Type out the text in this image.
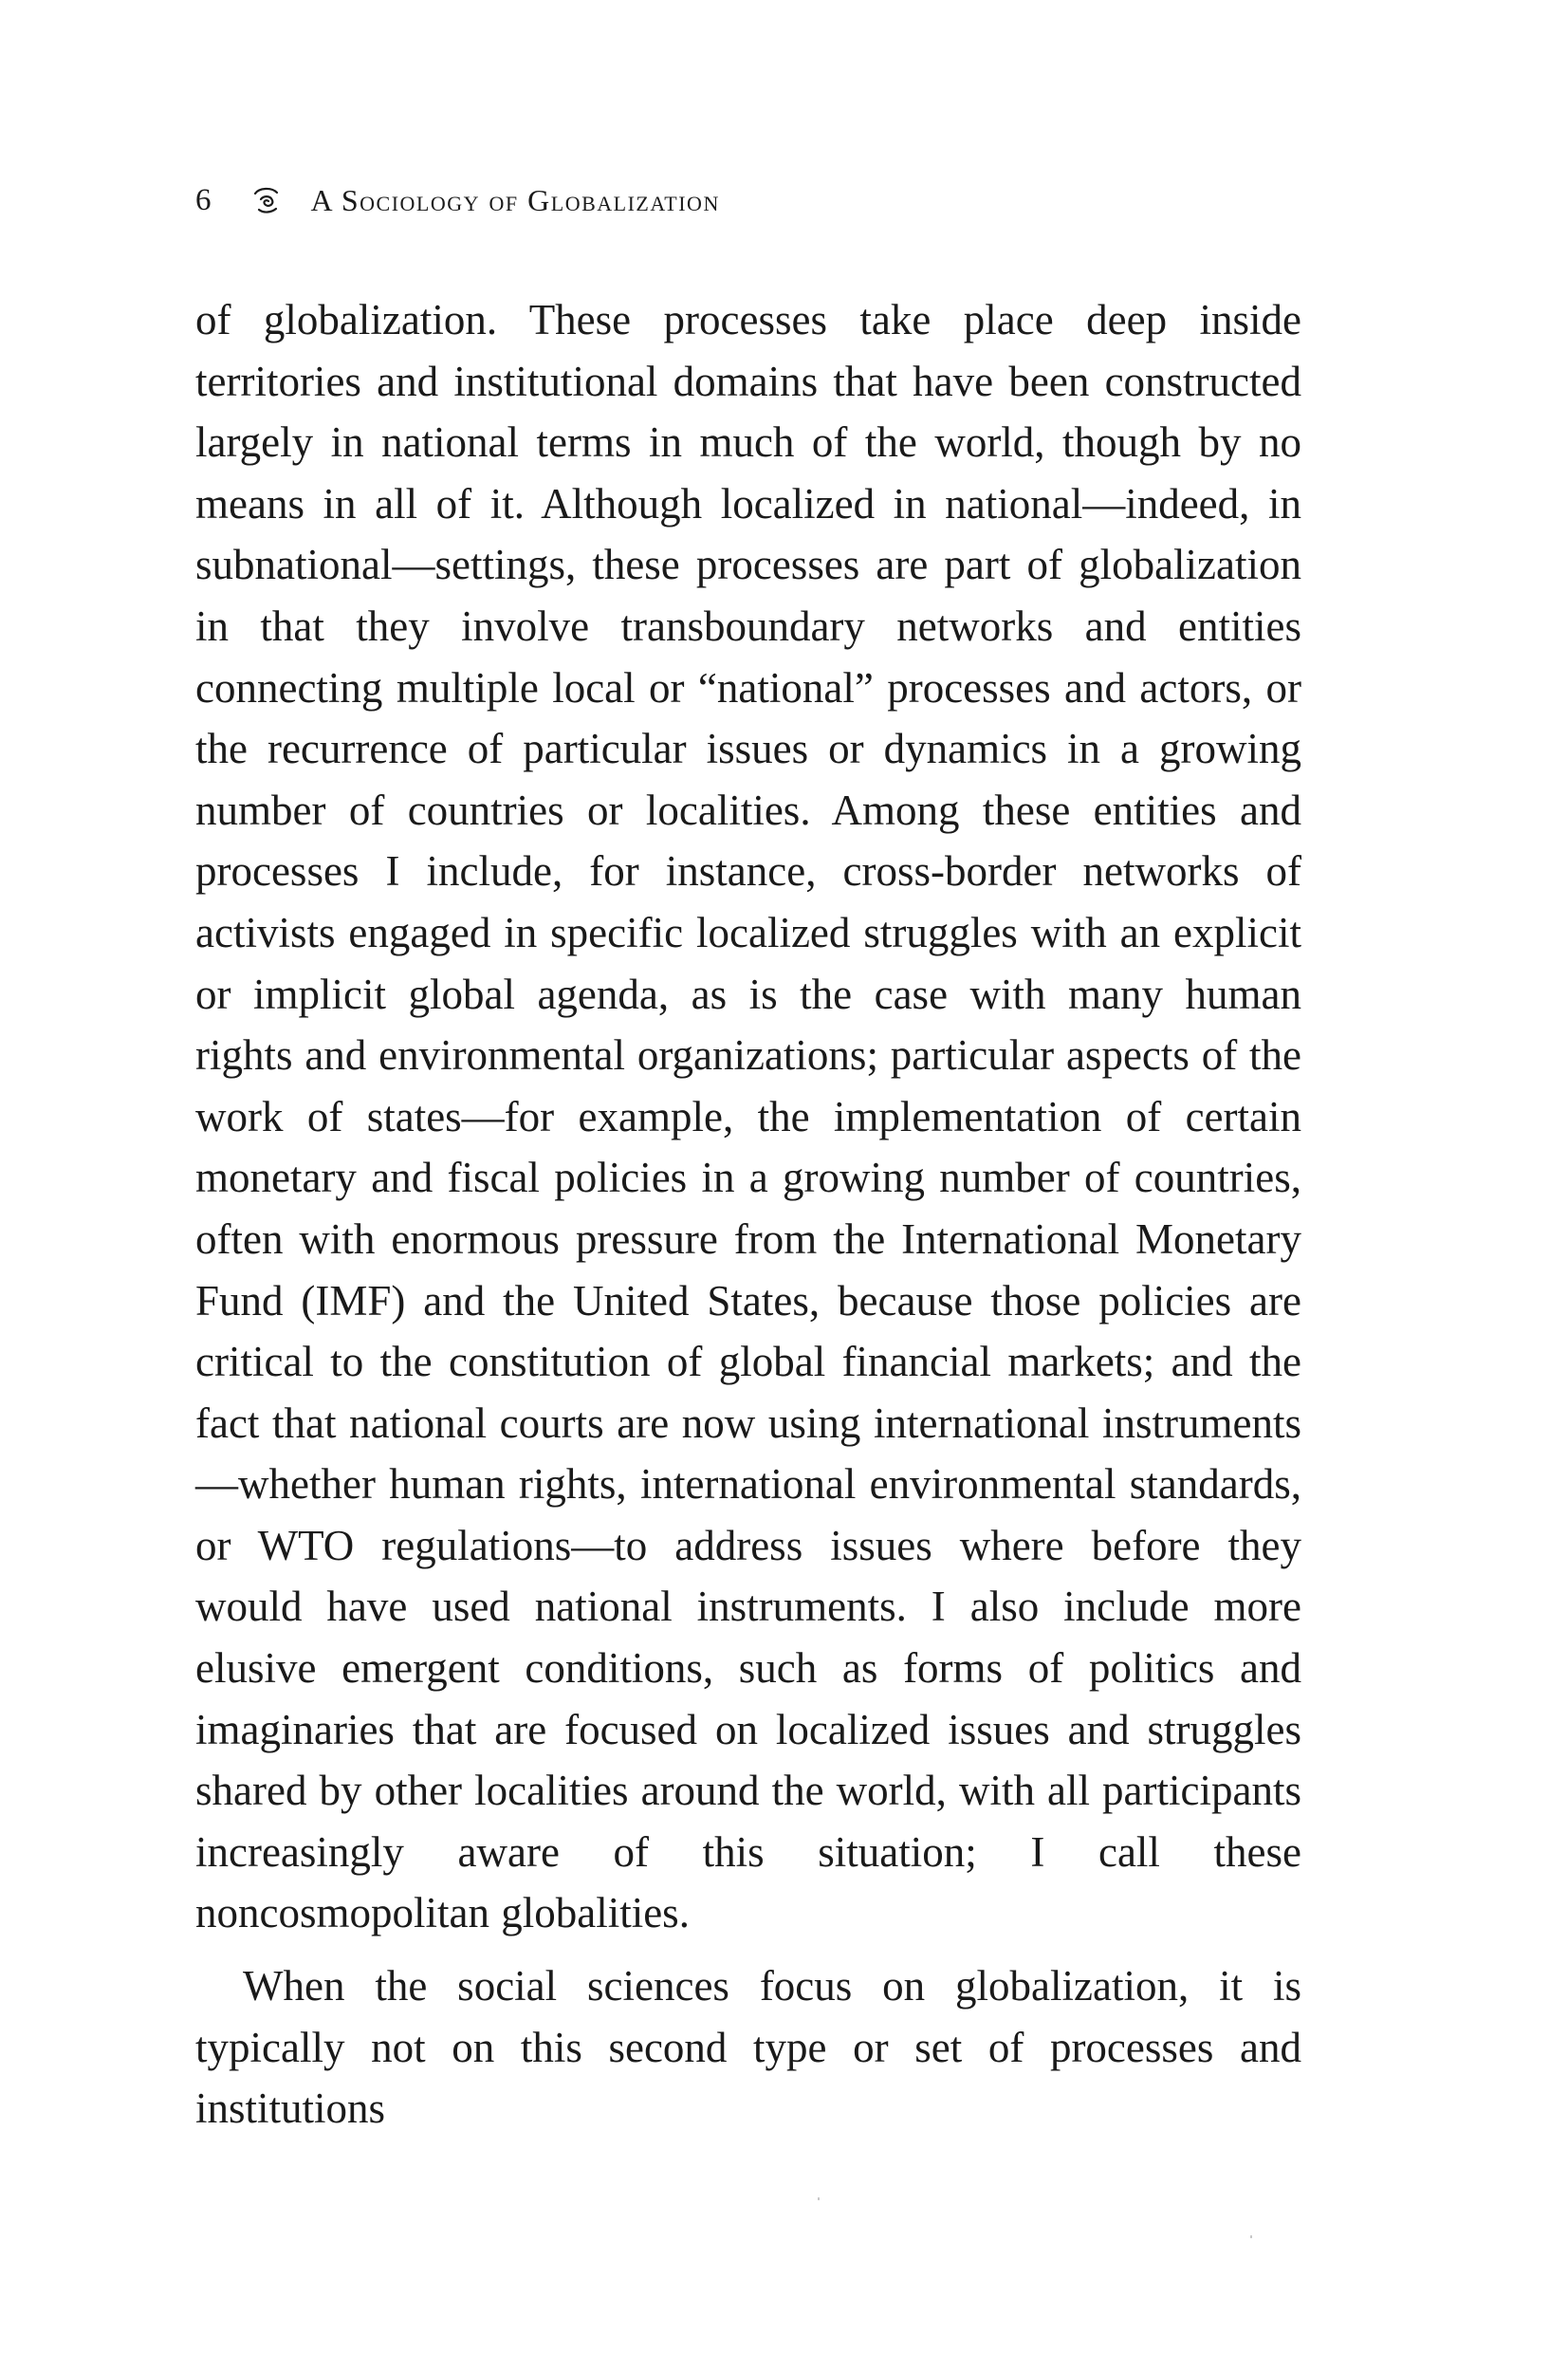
6	A Sociology of Globalization

of globalization. These processes take place deep inside territories and institutional domains that have been constructed largely in national terms in much of the world, though by no means in all of it. Although localized in national—indeed, in subnational—settings, these processes are part of globalization in that they involve transboundary networks and entities connecting multiple local or “national” processes and actors, or the recurrence of particular issues or dynamics in a growing number of countries or localities. Among these entities and processes I include, for instance, cross-border networks of activists engaged in specific localized struggles with an explicit or implicit global agenda, as is the case with many human rights and environmental organizations; particular aspects of the work of states—for example, the implementation of certain monetary and fiscal policies in a growing number of countries, often with enormous pressure from the International Monetary Fund (IMF) and the United States, because those policies are critical to the constitution of global financial markets; and the fact that national courts are now using international instruments—whether human rights, international environmental standards, or WTO regulations—to address issues where before they would have used national instruments. I also include more elusive emergent conditions, such as forms of politics and imaginaries that are focused on localized issues and struggles shared by other localities around the world, with all participants increasingly aware of this situation; I call these noncosmopolitan globalities.

When the social sciences focus on globalization, it is typically not on this second type or set of processes and institutions
